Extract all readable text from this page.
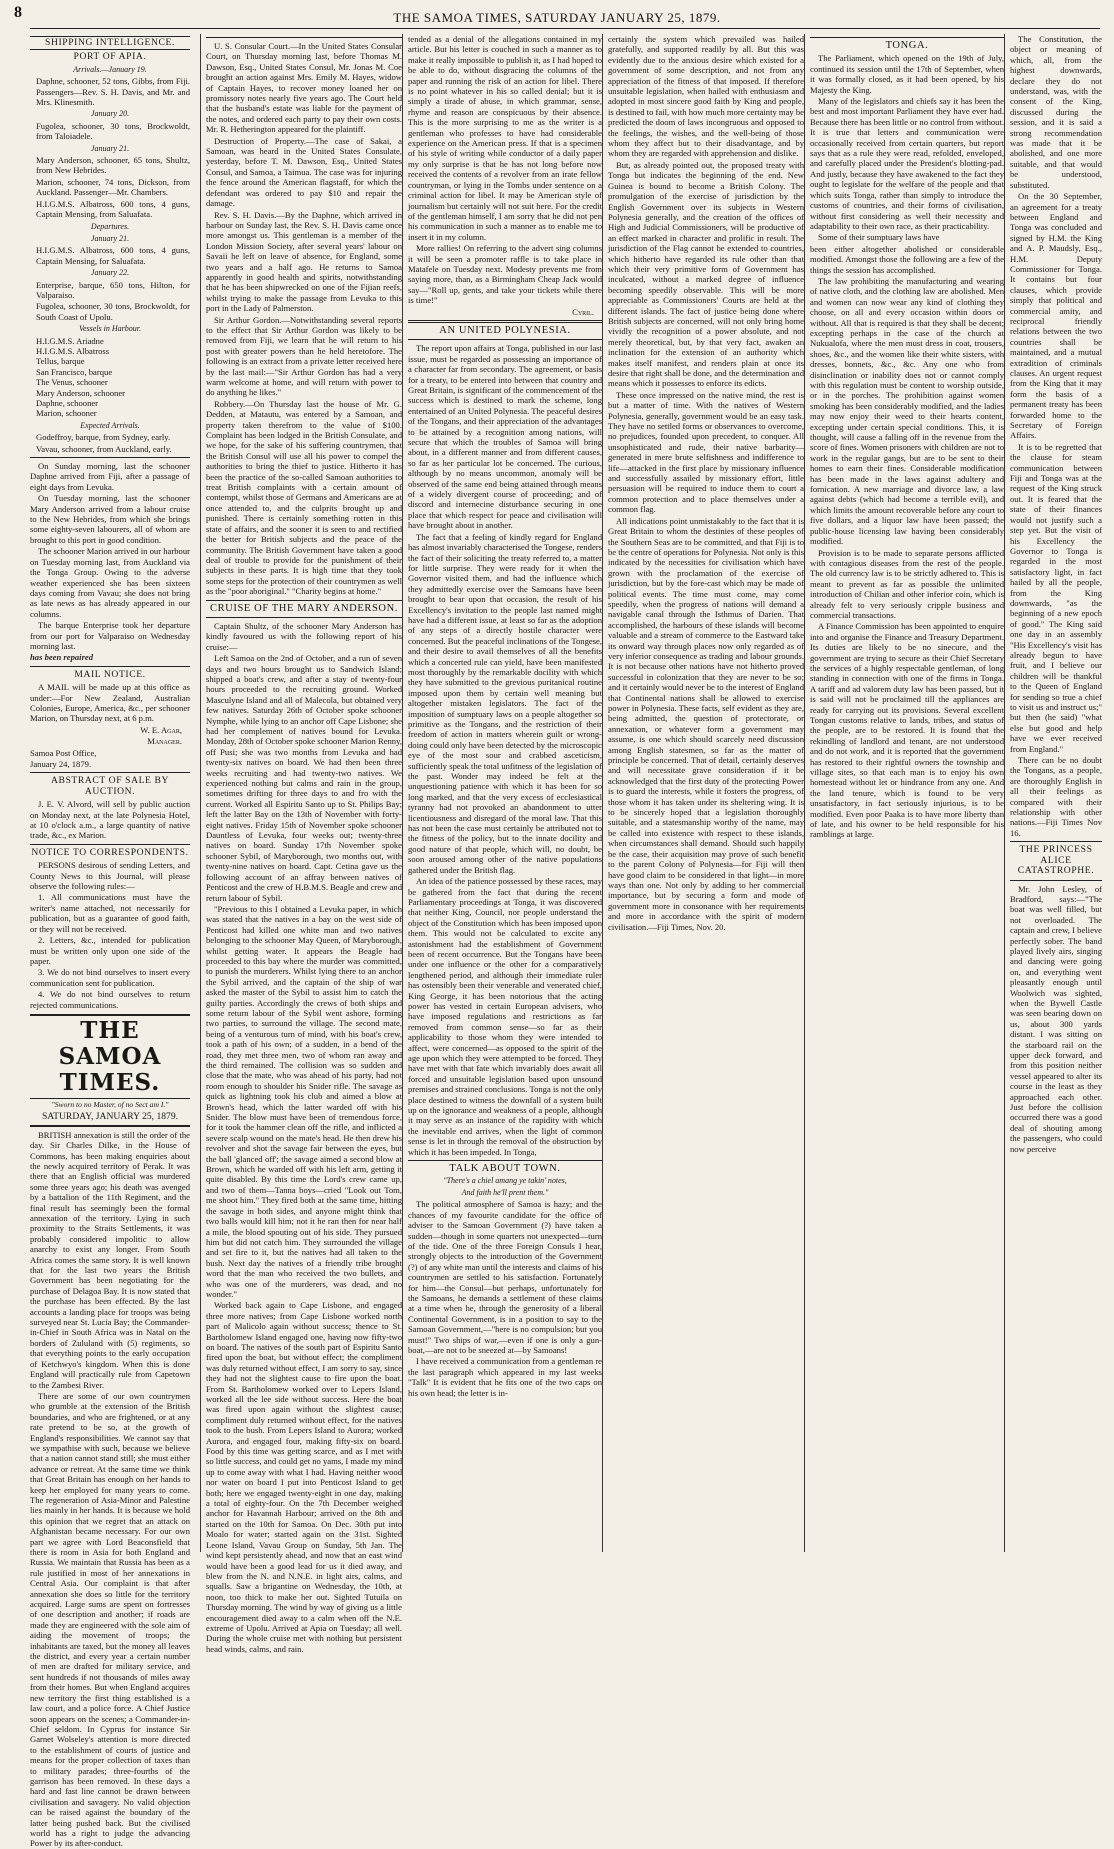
8	THE SAMOA TIMES, SATURDAY JANUARY 25, 1879.
SHIPPING INTELLIGENCE.
PORT OF APIA.
Arrivals.—January 19.

Daphne, schooner, 52 tons, Gibbs, from Fiji. Passengers—Rev. S. H. Davis, and Mr. and Mrs. Klinesmith.

January 20.

Fugolea, schooner, 30 tons, Brockwoldt, from Taloiadele.

January 21.

Mary Anderson, schooner, 65 tons, Shultz, from New Hebrides.

Marion, schooner, 74 tons, Dickson, from Auckland. Passenger—Mr. Chambers.

H.I.G.M.S. Albatross, 600 tons, 4 guns, Captain Mensing, from Saluafata.

Departures.
January 21.

H.I.G.M.S. Albatross, 600 tons, 4 guns, Captain Mensing, for Saluafata.

January 22.

Enterprise, barque, 650 tons, Hilton, for Valparaiso.

Fugolea, schooner, 30 tons, Brockwoldt, for South Coast of Upolu.

Vessels in Harbour.

H.I.G.M.S. Ariadne

H.I.G.M.S. Albatross

Tellus, barque

San Francisco, barque

The Venus, schooner

Mary Anderson, schooner

Daphne, schooner

Marion, schooner

Expected Arrivals.

Godeffroy, barque, from Sydney, early.

Vavau, schooner, from Auckland, early.

On Sunday morning, last the schooner Daphne arrived from Fiji, after a passage of eight days from Levuka.

On Tuesday morning, last the schooner Mary Anderson arrived from a labour cruise to the New Hebrides, from which she brings some eighty-seven labourers, all of whom are brought to this port in good condition.

The schooner Marion arrived in our harbour on Tuesday morning last, from Auckland via the Tonga Group. Owing to the adverse weather experienced she has been sixteen days coming from Vavau; she does not bring as late news as has already appeared in our columns.

The barque Enterprise took her departure from our port for Valparaiso on Wednesday morning last.

has been repaired

MAIL NOTICE.

A MAIL will be made up at this office as under:—For New Zealand, Australian Colonies, Europe, America, &c., per schooner Marion, on Thursday next, at 6 p.m.

W. E. Agar,

Manager.

Samoa Post Office,

January 24, 1879.

ABSTRACT OF SALE BY AUCTION.

J. E. V. Alvord, will sell by public auction on Monday next, at the late Polynesia Hotel, at 10 o'clock a.m., a large quantity of native trade, &c., ex Marion.

NOTICE TO CORRESPONDENTS.

PERSONS desirous of sending Letters, and County News to this Journal, will please observe the following rules:—

1. All communications must have the writer's name attached, not necessarily for publication, but as a guarantee of good faith, or they will not be received.

2. Letters, &c., intended for publication must be written only upon one side of the paper.

3. We do not bind ourselves to insert every communication sent for publication.

4. We do not bind ourselves to return rejected communications.

THE SAMOA TIMES.
"Sworn to no Master, of no Sect am I."
SATURDAY, JANUARY 25, 1879.

BRITISH annexation is still the order of the day. Sir Charles Dilke, in the House of Commons, has been making enquiries about the newly acquired territory of Perak. It was there that an English official was murdered some three years ago; his death was avenged by a battalion of the 11th Regiment, and the final result has seemingly been the formal annexation of the territory. Lying in such proximity to the Straits Settlements, it was probably considered impolitic to allow anarchy to exist any longer. From South Africa comes the same story. It is well known that for the last two years the British Government has been negotiating for the purchase of Delagoa Bay. It is now stated that the purchase has been effected. By the last accounts a landing place for troops was being surveyed near St. Lucia Bay; the Commander-in-Chief in South Africa was in Natal on the borders of Zululand with (5) regiments, so that everything points to the early occupation of Ketchwyo's kingdom. When this is done England will practically rule from Capetown to the Zambesi River.

There are some of our own countrymen who grumble at the extension of the British boundaries, and who are frightened, or at any rate pretend to be so, at the growth of England's responsibilities. We cannot say that we sympathise with such, because we believe that a nation cannot stand still; she must either advance or retreat. At the same time we think that Great Britain has enough on her hands to keep her employed for many years to come. The regeneration of Asia-Minor and Palestine lies mainly in her hands. It is because we hold this opinion that we regret that an attack on Afghanistan became necessary. For our own part we agree with Lord Beaconsfield that there is room in Asia for both England and Russia. We maintain that Russia has been as a rule justified in most of her annexations in Central Asia. Our complaint is that after annexation she does so little for the territory acquired. Large sums are spent on fortresses of one description and another; if roads are made they are engineered with the sole aim of aiding the movement of troops; the inhabitants are taxed, but the money all leaves the district, and every year a certain number of men are drafted for military service, and sent hundreds if not thousands of miles away from their homes. But when England acquires new territory the first thing established is a law court, and a police force. A Chief Justice soon appears on the scenes; a Commander-in-Chief seldom. In Cyprus for instance Sir Garnet Wolseley's attention is more directed to the establishment of courts of justice and means for the proper collection of taxes than to military parades; three-fourths of the garrison has been removed. In these days a hard and fast line cannot be drawn between civilisation and savagery. No valid objection can be raised against the boundary of the latter being pushed back. But the civilised world has a right to judge the advancing Power by its after-conduct.

U. S. Consular Court.—In the United States Consular Court, on Thursday morning last, before Thomas M. Dawson, Esq., United States Consul, Mr. Jonas M. Coe brought an action against Mrs. Emily M. Hayes, widow of Captain Hayes, to recover money loaned her on promissory notes nearly five years ago. The Court held that the husband's estate was liable for the payment of the notes, and ordered each party to pay their own costs. Mr. R. Hetherington appeared for the plaintiff.

Destruction of Property.—The case of Sakai, a Samoan, was heard in the United States Consulate, yesterday, before T. M. Dawson, Esq., United States Consul, and Samoa, a Taimua. The case was for injuring the fence around the American flagstaff, for which the defendant was ordered to pay $10 and repair the damage.

Rev. S. H. Davis.—By the Daphne, which arrived in harbour on Sunday last, the Rev. S. H. Davis came once more amongst us. This gentleman is a member of the London Mission Society, after several years' labour on Savaii he left on leave of absence, for England, some two years and a half ago. He returns to Samoa apparently in good health and spirits, notwithstanding that he has been shipwrecked on one of the Fijian reefs, whilst trying to make the passage from Levuka to this port in the Lady of Palmerston.

Sir Arthur Gordon.—Notwithstanding several reports to the effect that Sir Arthur Gordon was likely to be removed from Fiji, we learn that he will return to his post with greater powers than he held heretofore. The following is an extract from a private letter received here by the last mail:—"Sir Arthur Gordon has had a very warm welcome at home, and will return with power to do anything he likes."

Robbery.—On Thursday last the house of Mr. G. Dedden, at Matautu, was entered by a Samoan, and property taken therefrom to the value of $100. Complaint has been lodged in the British Consulate, and we hope, for the sake of his suffering countrymen, that the British Consul will use all his power to compel the authorities to bring the thief to justice. Hitherto it has been the practice of the so-called Samoan authorities to treat British complaints with a certain amount of contempt, whilst those of Germans and Americans are at once attended to, and the culprits brought up and punished. There is certainly something rotten in this state of affairs, and the sooner it is seen to and rectified the better for British subjects and the peace of the community. The British Government have taken a good deal of trouble to provide for the punishment of their subjects in these parts. It is high time that they took some steps for the protection of their countrymen as well as the "poor aboriginal." "Charity begins at home."

CRUISE OF THE MARY ANDERSON.

Captain Shultz, of the schooner Mary Anderson has kindly favoured us with the following report of his cruise:—

Left Samoa on the 2nd of October, and a run of seven days and two hours brought us to Sandwich Island; shipped a boat's crew, and after a stay of twenty-four hours proceeded to the recruiting ground. Worked Masculyne Island and all of Malecola, but obtained very few natives. Saturday 26th of October spoke schooner Nymphe, while lying to an anchor off Cape Lisbone; she had her complement of natives bound for Levuka. Monday, 28th of October spoke schooner Marion Renny, off Pusi; she was two months from Levuka and had twenty-six natives on board. We had then been three weeks recruiting and had twenty-two natives. We experienced nothing but calms and rain in the group, sometimes drifting for three days to and fro with the current. Worked all Espiritu Santo up to St. Philips Bay; left the latter Bay on the 13th of November with forty-eight natives. Friday 15th of November spoke schooner Dauntless of Levuka, four weeks out; twenty-three natives on board. Sunday 17th November spoke schooner Sybil, of Maryborough, two months out, with twenty-nine natives on board. Capt. Cetina gave us the following account of an affray between natives of Penticost and the crew of H.B.M.S. Beagle and crew and return labour of Sybil.

"Previous to this I obtained a Levuka paper, in which was stated that the natives in a bay on the west side of Penticost had killed one white man and two natives belonging to the schooner May Queen, of Maryborough, whilst getting water. It appears the Beagle had proceeded to this bay where the murder was committed, to punish the murderers. Whilst lying there to an anchor the Sybil arrived, and the captain of the ship of war asked the master of the Sybil to assist him to catch the guilty parties. Accordingly the crews of both ships and some return labour of the Sybil went ashore, forming two parties, to surround the village. The second mate, being of a venturous turn of mind, with his boat's crew, took a path of his own; of a sudden, in a bend of the road, they met three men, two of whom ran away and the third remained. The collision was so sudden and close that the mate, who was ahead of his party, had not room enough to shoulder his Snider rifle. The savage as quick as lightning took his club and aimed a blow at Brown's head, which the latter warded off with his Snider. The blow must have been of tremendous force, for it took the hammer clean off the rifle, and inflicted a severe scalp wound on the mate's head. He then drew his revolver and shot the savage fair between the eyes, but the ball 'glanced off'; the savage aimed a second blow at Brown, which he warded off with his left arm, getting it quite disabled. By this time the Lord's crew came up, and two of them—Tanna boys—cried "Look out Tom, me shoot him." They fired both at the same time, hitting the savage in both sides, and anyone might think that two balls would kill him; not it he ran then for near half a mile, the blood spouting out of his side. They pursued him but did not catch him. They surrounded the village and set fire to it, but the natives had all taken to the bush. Next day the natives of a friendly tribe brought word that the man who received the two bullets, and who was one of the murderers, was dead, and no wonder."

Worked back again to Cape Lisbone, and engaged three more natives; from Cape Lisbone worked north part of Malicolo again without success; thence to St. Bartholomew Island engaged one, having now fifty-two on board. The natives of the south part of Espiritu Santo fired upon the boat, but without effect; the compliment was duly returned without effect, I am sorry to say, since they had not the slightest cause to fire upon the boat. From St. Bartholomew worked over to Lepers Island, worked all the lee side without success. Here the boat was fired upon again without the slightest cause; compliment duly returned without effect, for the natives took to the bush. From Lepers Island to Aurora; worked Aurora, and engaged four, making fifty-six on board. Food by this time was getting scarce, and as I met with so little success, and could get no yams, I made my mind up to come away with what I had. Having neither wood nor water on board I put into Penticost Island to get both; here we engaged twenty-eight in one day, making a total of eighty-four. On the 7th December weighed anchor for Havannah Harbour; arrived on the 8th and started on the 10th for Samoa. On Dec. 30th put into Moalo for water; started again on the 31st. Sighted Leone Island, Vavau Group on Sunday, 5th Jan. The wind kept persistently ahead, and now that an east wind would have been a good lead for us it died away, and blew from the N. and N.N.E. in light airs, calms, and squalls. Saw a brigantine on Wednesday, the 10th, at noon, too thick to make her out. Sighted Tutuila on Thursday morning. The wind by way of giving us a little encouragement died away to a calm when off the N.E. extreme of Upolu. Arrived at Apia on Tuesday; all well. During the whole cruise met with nothing but persistent head winds, calms, and rain.

tended as a denial of the allegations contained in my article. But his letter is couched in such a manner as to make it really impossible to publish it, as I had hoped to be able to do, without disgracing the columns of the paper and running the risk of an action for libel. There is no point whatever in his so called denial; but it is simply a tirade of abuse, in which grammar, sense, rhyme and reason are conspicuous by their absence. This is the more surprising to me as the writer is a gentleman who professes to have had considerable experience on the American press. If that is a specimen of his style of writing while conductor of a daily paper my only surprise is that he has not long before now received the contents of a revolver from an irate fellow countryman, or lying in the Tombs under sentence on a criminal action for libel. It may be American style of journalism but certainly will not suit here. For the credit of the gentleman himself, I am sorry that he did not pen his communication in such a manner as to enable me to insert it in my column.

More rallies! On referring to the advert sing columns it will be seen a promoter raffle is to take place in Matafele on Tuesday next. Modesty prevents me from saying more, than, as a Birmingham Cheap Jack would say—"Roll up, gents, and take your tickets while there is time!"

Cyril.

AN UNITED POLYNESIA.

The report upon affairs at Tonga, published in our last issue, must be regarded as possessing an importance of a character far from secondary. The agreement, or basis for a treaty, to be entered into between that country and Great Britain, is significant of the commencement of the success which is destined to mark the scheme, long entertained of an United Polynesia. The peaceful desires of the Tongans, and their appreciation of the advantages to be attained by a recognition among nations, will secure that which the troubles of Samoa will bring about, in a different manner and from different causes, so far as her particular lot be concerned. The curious, although by no means uncommon, anomaly will be observed of the same end being attained through means of a widely divergent course of proceeding; and of discord and internecine disturbance securing in one place that which respect for peace and civilisation will have brought about in another.

The fact that a feeling of kindly regard for England has almost invariably characterised the Tongese, renders the fact of their soliciting the treaty referred to, a matter for little surprise. They were ready for it when the Governor visited them, and had the influence which they admittedly exercise over the Samoans have been brought to bear upon that occasion, the result of his Excellency's invitation to the people last named might have had a different issue, at least so far as the adoption of any steps of a directly hostile character were concerned. But the peaceful inclinations of the Tongese, and their desire to avail themselves of all the benefits which a concerted rule can yield, have been manifested most thoroughly by the remarkable docility with which they have submitted to the grevious puritanical routine imposed upon them by certain well meaning but altogether mistaken legislators. The fact of the imposition of sumptuary laws on a people altogether so primitive as the Tongans, and the restriction of their freedom of action in matters wherein guilt or wrong-doing could only have been detected by the microscopic eye of the most sour and crabbed asceticism, sufficiently speak the total unfitness of the legislation of the past. Wonder may indeed be felt at the unquestioning patience with which it has been for so long marked, and that the very excess of ecclesiastical tyranny had not provoked an abandonment to utter licentiousness and disregard of the moral law. That this has not been the case must certainly be attributed not to the fitness of the policy, but to the innate docility and good nature of that people, which will, no doubt, be soon aroused among other of the native populations gathered under the British flag.

An idea of the patience possessed by these races, may be gathered from the fact that during the recent Parliamentary proceedings at Tonga, it was discovered that neither King, Council, nor people understand the object of the Constitution which has been imposed upon them. This would not be calculated to excite any astonishment had the establishment of Government been of recent occurrence. But the Tongans have been under one influence or the other for a comparatively lengthened period, and although their immediate ruler has ostensibly been their venerable and venerated chief, King George, it has been notorious that the acting power has vested in certain European advisers, who have imposed regulations and restrictions as far removed from common sense—so far as their applicability to those whom they were intended to affect, were concerned—as opposed to the spirit of the age upon which they were attempted to be forced. They have met with that fate which invariably does await all forced and unsuitable legislation based upon unsound premises and strained conclusions. Tonga is not the only place destined to witness the downfall of a system built up on the ignorance and weakness of a people, although it may serve as an instance of the rapidity with which the inevitable end arrives, when the light of common sense is let in through the removal of the obstruction by which it has been impeded. In Tonga,

TALK ABOUT TOWN.

"There's a chiel amang ye takin' notes,

And faith he'll prent them."

The political atmosphere of Samoa is hazy; and the chances of my favourite candidate for the office of adviser to the Samoan Government (?) have taken a sudden—though in some quarters not unexpected—turn of the tide. One of the three Foreign Consuls I hear, strongly objects to the introduction of the Government (?) of any white man until the interests and claims of his countrymen are settled to his satisfaction. Fortunately for him—the Consul—but perhaps, unfortunately for the Samoans, he demands a settlement of these claims at a time when he, through the generosity of a liberal Continental Government, is in a position to say to the Samoan Government,—"here is no compulsion; but you must!" Two ships of war,—even if one is only a gun-boat,—are not to be sneezed at—by Samoans!

I have received a communication from a gentleman re the last paragraph which appeared in my last weeks "Talk" It is evident that he fits one of the two caps on his own head; the letter is in-

certainly the system which prevailed was hailed gratefully, and supported readily by all. But this was evidently due to the anxious desire which existed for a government of some description, and not from any appreciation of the fitness of that imposed. If therefore unsuitable legislation, when hailed with enthusiasm and adopted in most sincere good faith by King and people, is destined to fail, with how much more certainty may be predicted the doom of laws incongruous and opposed to the feelings, the wishes, and the well-being of those whom they affect but to their disadvantage, and by whom they are regarded with apprehension and dislike.

But, as already pointed out, the proposed treaty with Tonga but indicates the beginning of the end. New Guinea is bound to become a British Colony. The promulgation of the exercise of jurisdiction by the English Government over its subjects in Western Polynesia generally, and the creation of the offices of High and Judicial Commissioners, will be productive of an effect marked in character and prolific in result. The jurisdiction of the Flag cannot be extended to countries, which hitherto have regarded its rule other than that which their very primitive form of Government has inculcated, without a marked degree of influence becoming speedily observable. This will be more appreciable as Commissioners' Courts are held at the different islands. The fact of justice being done where British subjects are concerned, will not only bring home vividly the recognition of a power absolute, and not merely theoretical, but, by that very fact, awaken an inclination for the extension of an authority which makes itself manifest, and renders plain at once its desire that right shall be done, and the determination and means which it possesses to enforce its edicts.

These once impressed on the native mind, the rest is but a matter of time. With the natives of Western Polynesia, generally, government would be an easy task. They have no settled forms or observances to overcome, no prejudices, founded upon precedent, to conquer. All unsophisticated and rude, their native barbarity—generated in mere brute selfishness and indifference to life—attacked in the first place by missionary influence and successfully assailed by missionary effort, little persuasion will be required to induce them to court a common protection and to place themselves under a common flag.

All indications point unmistakably to the fact that it is Great Britain to whom the destinies of these peoples of the Southern Seas are to be committed, and that Fiji is to be the centre of operations for Polynesia. Not only is this indicated by the necessities for civilisation which have grown with the proclamation of the exercise of jurisdiction, but by the fore-cast which may be made of political events. The time must come, may come speedily, when the progress of nations will demand a navigable canal through the Isthmus of Darien. That accomplished, the harbours of these islands will become valuable and a stream of commerce to the Eastward take its onward way through places now only regarded as of very inferior consequence as trading and labour grounds. It is not because other nations have not hitherto proved successful in colonization that they are never to be so; and it certainly would never be to the interest of England that Continental nations shall be allowed to exercise power in Polynesia. These facts, self evident as they are, being admitted, the question of protectorate, or annexation, or whatever form a government may assume, is one which should scarcely need discussion among English statesmen, so far as the matter of principle be concerned. That of detail, certainly deserves and will necessitate grave consideration if it be acknowledged that the first duty of the protecting Power is to guard the interests, while it fosters the progress, of those whom it has taken under its sheltering wing. It is to be sincerely hoped that a legislation thoroughly suitable, and a statesmanship worthy of the name, may be called into existence with respect to these islands, when circumstances shall demand. Should such happily be the case, their acquisition may prove of such benefit to the parent Colony of Polynesia—for Fiji will then have good claim to be considered in that light—in more ways than one. Not only by adding to her commercial importance, but by securing a form and mode of government more in consonance with her requirements and more in accordance with the spirit of modern civilisation.—Fiji Times, Nov. 20.

TONGA.

The Parliament, which opened on the 19th of July, continued its session until the 17th of September, when it was formally closed, as it had been opened, by his Majesty the King.

Many of the legislators and chiefs say it has been the best and most important Parliament they have ever had. Because there has been little or no control from without. It is true that letters and communication were occasionally received from certain quarters, but report says that as a rule they were read, refolded, enveloped, and carefully placed under the President's blotting-pad. And justly, because they have awakened to the fact they ought to legislate for the welfare of the people and that which suits Tonga, rather than simply to introduce the customs of countries, and their forms of civilisation, without first considering as well their necessity and adaptability to their own race, as their practicability.

Some of their sumptuary laws have

been either altogether abolished or considerable modified. Amongst those the following are a few of the things the session has accomplished.

The law prohibiting the manufacturing and wearing of native cloth, and the clothing law are abolished. Men and women can now wear any kind of clothing they choose, on all and every occasion within doors or without. All that is required is that they shall be decent; excepting perhaps in the case of the church at Nukualofa, where the men must dress in coat, trousers, shoes, &c., and the women like their white sisters, with dresses, bonnets, &c., &c. Any one who from disinclination or inability does not or cannot comply with this regulation must be content to worship outside, or in the porches. The prohibition against women smoking has been considerably modified, and the ladies may now enjoy their weed to their hearts content, excepting under certain special conditions. This, it is thought, will cause a falling off in the revenue from the score of fines. Women prisoners with children are not to work in the regular gangs, but are to be sent to their homes to earn their fines. Considerable modification has been made in the laws against adultery and fornication. A new marriage and divorce law, a law against debts (which had become a terrible evil), and which limits the amount recoverable before any court to five dollars, and a liquor law have been passed; the public-house licensing law having been considerably modified.

Provision is to be made to separate persons afflicted with contagious diseases from the rest of the people. The old currency law is to be strictly adhered to. This is meant to prevent as far as possible the unlimited introduction of Chilian and other inferior coin, which is already felt to very seriously cripple business and commercial transactions.

A Finance Commission has been appointed to enquire into and organise the Finance and Treasury Department. Its duties are likely to be no sinecure, and the government are trying to secure as their Chief Secretary the services of a highly respectable gentleman, of long standing in connection with one of the firms in Tonga. A tariff and ad valorem duty law has been passed, but it is said will not be proclaimed till the appliances are ready for carrying out its provisions. Several excellent Tongan customs relative to lands, tribes, and status of the people, are to be restored. It is found that the rekindling of landlord and tenant, are not understood and do not work, and it is reported that the government has restored to their rightful owners the township and village sites, so that each man is to enjoy his own homestead without let or hindrance from any one. And the land tenure, which is found to be very unsatisfactory, in fact seriously injurious, is to be modified. Even poor Paaka is to have more liberty than of late, and his owner to be held responsible for his ramblings at large.

The Constitution, the object or meaning of which, all, from the highest downwards, declare they do not understand, was, with the consent of the King, discussed during the session, and it is said a strong recommendation was made that it be abolished, and one more suitable, and that would be understood, substituted.

On the 30 September, an agreement for a treaty between England and Tonga was concluded and signed by H.M. the King and A. P. Maudsly, Esq., H.M. Deputy Commissioner for Tonga. It contains but four clauses, which provide simply that political and commercial amity, and reciprocal friendly relations between the two countries shall be maintained, and a mutual extradition of criminals clauses. An urgent request from the King that it may form the basis of a permanent treaty has been forwarded home to the Secretary of Foreign Affairs.

It is to be regretted that the clause for steam communication between Fiji and Tonga was at the request of the King struck out. It is feared that the state of their finances would not justify such a step yet. But the visit of his Excellency the Governor to Tonga is regarded in the most satisfactory light, in fact hailed by all the people, from the King downwards, "as the beginning of a new epoch of good." The King said one day in an assembly "His Excellency's visit has already begun to have fruit, and I believe our children will be thankful to the Queen of England for sending so true a chief to visit us and instruct us;" but then (he said) "what else but good and help have we ever received from England."

There can be no doubt the Tongans, as a people, are thoroughly English in all their feelings as compared with their relationship with other nations.—Fiji Times Nov 16.

THE PRINCESS ALICE CATASTROPHE.

Mr. John Lesley, of Bradford, says:—"The boat was well filled, but not overloaded. The captain and crew, I believe perfectly sober. The band played lively airs, singing and dancing were going on, and everything went pleasantly enough until Woolwich was sighted, when the Bywell Castle was seen bearing down on us, about 300 yards distant. I was sitting on the starboard rail on the upper deck forward, and from this position neither vessel appeared to alter its course in the least as they approached each other. Just before the collision occurred there was a good deal of shouting among the passengers, who could now perceive
